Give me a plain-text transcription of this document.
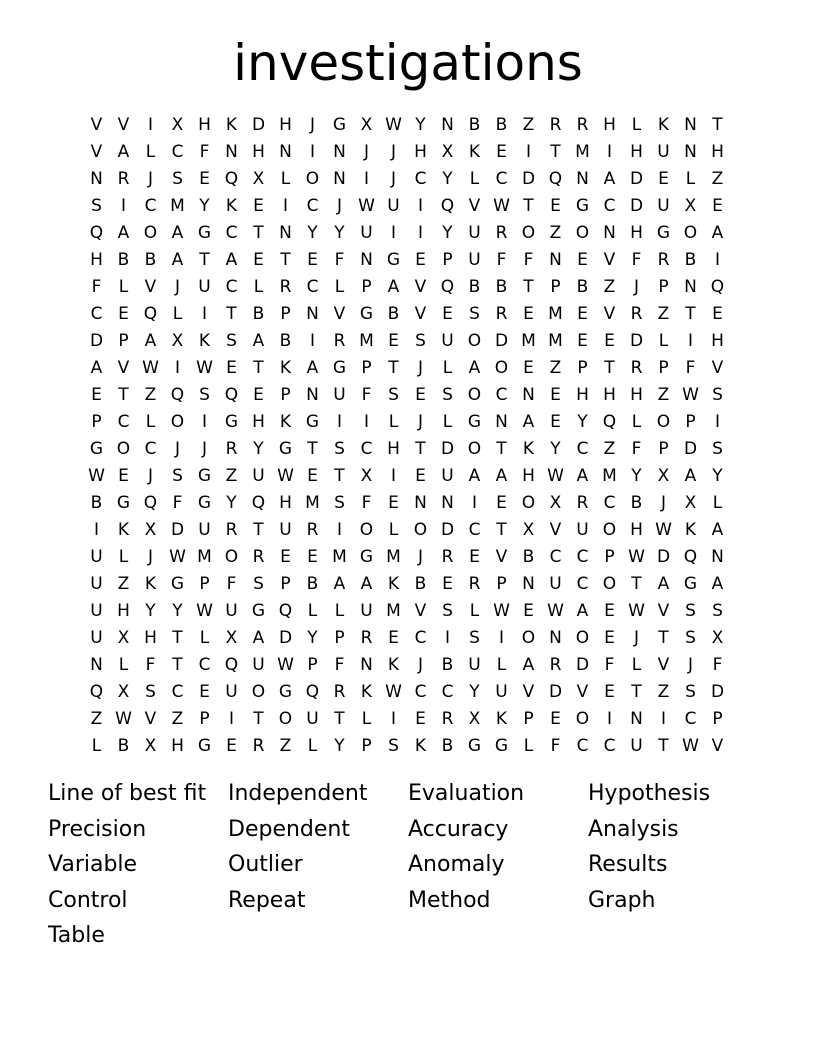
investigations
V V	I	X H K D H	J	G X W Y N B B Z R R H L K N T
V A L C F N H N	I	N	J	J	H X K E	I	T M	I	H U N H
N R	J	S E Q X L O N	I	J	C Y	L C D Q N A D E L Z
S	I	C M Y K E	I	C	J W U	I	Q V W T E G C D U X E
Q A O A G C T N Y Y U	I	I	Y U R O Z O N H G O A
H B B A T A E T E F N G E P U F	F N E V F R B	I
F	L V	J	U C L R C L	P A V Q B B T P B Z	J	P N Q
C E Q L	I	T B P N V G B V E S R E M E V R Z T E
D P A X K S A B	I	R M E S U O D M M E E D L	I	H
A V W I W E T K A G P T	J	L A O E Z P T R P F V
E T Z Q S Q E P N U F S E S O C N E H H H Z W S
P C L O	I	G H K G	I	I	L	J	L G N A E Y Q L O P	I
G O C	J	J	R Y G T S C H T D O T K Y C Z F P D S
W E	J	S G Z U W E T X	I	E U A A H W A M Y X A Y
B G Q F G Y Q H M S F E N N	I	E O X R C B	J	X L
I	K X D U R T U R	I	O L O D C T X V U O H W K A
U L	J W M O R E E M G M	J	R E V B C C P W D Q N
U Z K G P F S P B A A K B E R P N U C O T A G A
U H Y Y W U G Q L	L U M V S L W E W A E W V S S
U X H T	L X A D Y P R E C	I	S	I	O N O E	J	T S X
N L	F T C Q U W P F N K	J	B U L A R D F	L V	J	F
Q X S C E U O G Q R K W C C Y U V D V E T Z S D
Z W V Z P	I	T O U T	L	I	E R X K P E O	I	N	I	C P
L B X H G E R Z L	Y P S K B G G L	F C C U T W V
Line of best fit Independent	Evaluation	Hypothesis
Precision	Dependent	Accuracy	Analysis
Variable	Outlier	Anomaly	Results
Control	Repeat	Method	Graph
Table
